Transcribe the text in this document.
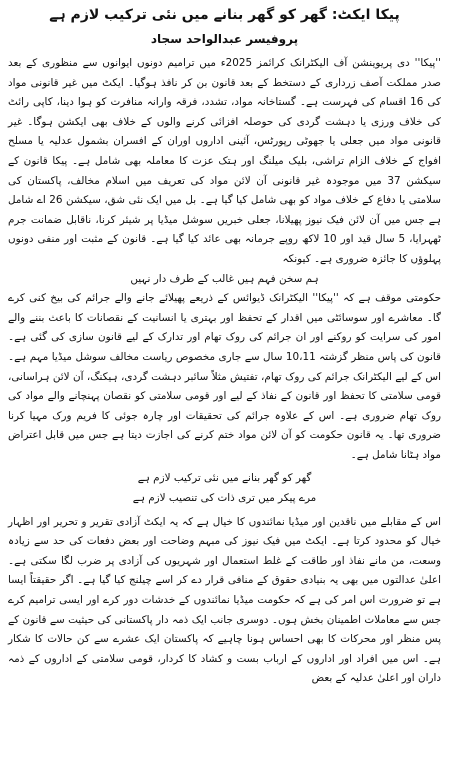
پیکا ایکٹ: گھر کو گھر بنانے میں نئی ترکیب لازم ہے
پروفیسر عبدالواحد سجاد

''پیکا'' دی پریوینشن آف الیکٹرانک کرائمز 2025ء میں ترامیم دونوں ایوانوں سے منظوری کے بعد صدر مملکت آصف زرداری کے دستخط کے بعد قانون بن کر نافذ ہوگیا۔ ایکٹ میں غیر قانونی مواد کی 16 اقسام کی فہرست ہے۔ گستاخانہ مواد، تشدد، فرقہ وارانہ منافرت کو ہوا دینا، کاپی رائٹ کی خلاف ورزی یا دہشت گردی کی حوصلہ افزائی کرنے والوں کے خلاف بھی ایکشن ہوگا۔ غیر قانونی مواد میں جعلی یا جھوٹی رپورٹس، آئینی اداروں اوران کے افسران بشمول عدلیہ یا مسلح افواج کے خلاف الزام تراشی، بلیک میلنگ اور ہتک عزت کا معاملہ بھی شامل ہے۔ پیکا قانون کے سیکشن 37 میں موجودہ غیر قانونی آن لائن مواد کی تعریف میں اسلام مخالف، پاکستان کی سلامتی یا دفاع کے خلاف مواد کو بھی شامل کیا گیا ہے۔ بل میں ایک نئی شق، سیکشن 26 اے شامل ہے جس میں آن لائن فیک نیوز پھیلانا، جعلی خبریں سوشل میڈیا پر شیئر کرنا، ناقابل ضمانت جرم ٹھہرایا، 5 سال قید اور 10 لاکھ روپے جرمانہ بھی عائد کیا گیا ہے۔ قانون کے مثبت اور منفی دونوں پہلوؤں کا جائزہ ضروری ہے۔ کیونکہ

ہم سخن فہم ہیں غالب کے طرف دار نہیں

حکومتی موقف ہے کہ ''پیکا'' الیکٹرانک ڈیوائس کے ذریعے پھیلائے جانے والے جرائم کی بیخ کنی کرے گا۔ معاشرے اور سوسائٹی میں اقدار کے تحفظ اور بہتری یا انسانیت کے نقصانات کا باعث بننے والے امور کی سرایت کو روکنے اور ان جرائم کی روک تھام اور تدارک کے لیے قانون سازی کی گئی ہے۔ قانون کی پاس منظر گزشتہ 10،11 سال سے جاری مخصوص ریاست مخالف سوشل میڈیا مہم ہے۔ اس کے لیے الیکٹرانک جرائم کی روک تھام، تفتیش مثلاً سائبر دہشت گردی، ہیکنگ، آن لائن ہراسانی، قومی سلامتی کا تحفظ اور قانون کے نفاذ کے لیے اور قومی سلامتی کو نقصان پہنچانے والے مواد کی روک تھام ضروری ہے۔ اس کے علاوہ جرائم کی تحقیقات اور چارہ جوئی کا فریم ورک مہیا کرنا ضروری تھا۔ یہ قانون حکومت کو آن لائن مواد ختم کرنے کی اجازت دیتا ہے جس میں قابل اعتراض مواد ہٹانا شامل ہے۔

گھر کو گھر بنانے میں نئی ترکیب لازم ہے

مرے پیکر میں تری ذات کی تنصیب لازم ہے

اس کے مقابلے میں ناقدین اور میڈیا نمائندوں کا خیال ہے کہ یہ ایکٹ آزادی تقریر و تحریر اور اظہار خیال کو محدود کرتا ہے۔ ایکٹ میں فیک نیوز کی مبہم وضاحت اور بعض دفعات کی حد سے زیادہ وسعت، من مانے نفاذ اور طاقت کے غلط استعمال اور شہریوں کی آزادی پر ضرب لگا سکتی ہے۔ اعلیٰ عدالتوں میں بھی یہ بنیادی حقوق کے منافی قرار دے کر اسے چیلنج کیا گیا ہے۔ اگر حقیقتاً ایسا ہے تو ضرورت اس امر کی ہے کہ حکومت میڈیا نمائندوں کے خدشات دور کرے اور ایسی ترامیم کرے جس سے معاملات اطمینان بخش ہوں۔ دوسری جانب ایک ذمہ دار پاکستانی کی حیثیت سے قانون کے پس منظر اور محرکات کا بھی احساس ہونا چاہیے کہ پاکستان ایک عشرے سے کن حالات کا شکار ہے۔ اس میں افراد اور اداروں کے ارباب بست و کشاد کا کردار، قومی سلامتی کے اداروں کے ذمہ داران اور اعلیٰ عدلیہ کے بعض
